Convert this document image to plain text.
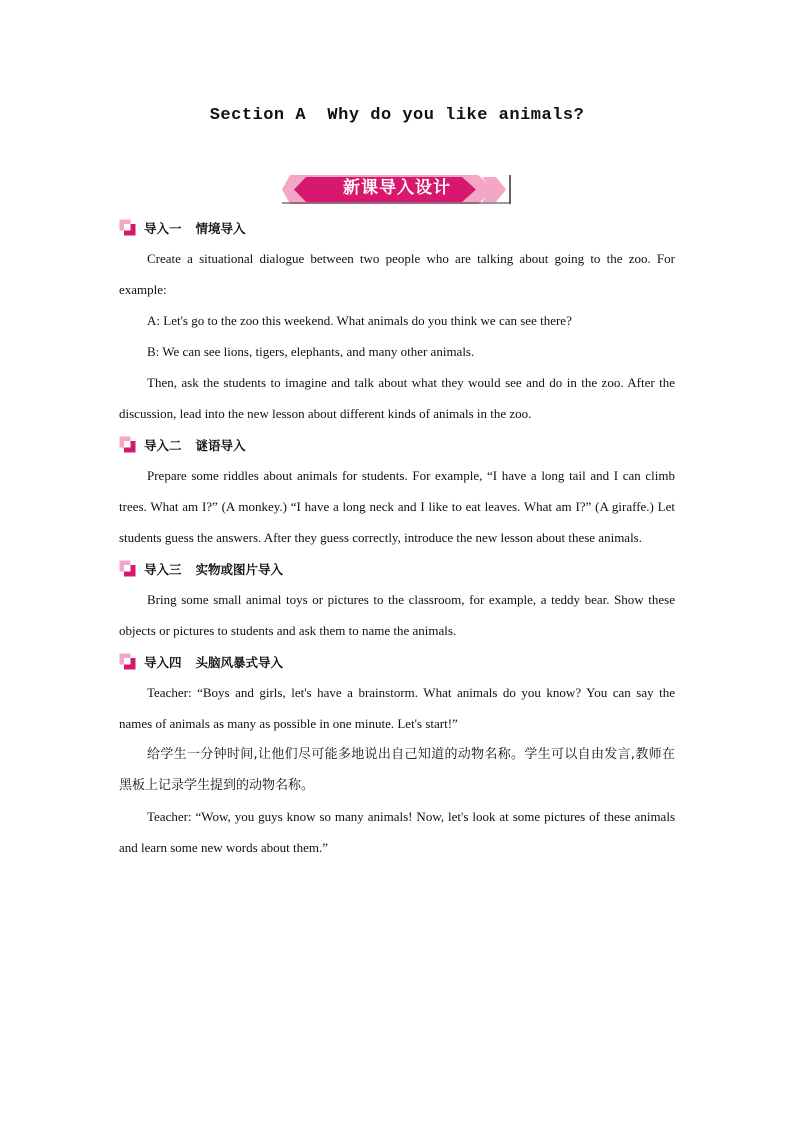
Section A  Why do you like animals?
新课导入设计
导入一 情境导入

Create a situational dialogue between two people who are talking about going to the zoo. For example:

A: Let's go to the zoo this weekend. What animals do you think we can see there?

B: We can see lions, tigers, elephants, and many other animals.

Then, ask the students to imagine and talk about what they would see and do in the zoo. After the discussion, lead into the new lesson about different kinds of animals in the zoo.

导入二 谜语导入

Prepare some riddles about animals for students. For example, “I have a long tail and I can climb trees. What am I?” (A monkey.) “I have a long neck and I like to eat leaves. What am I?” (A giraffe.) Let students guess the answers. After they guess correctly, introduce the new lesson about these animals.

导入三 实物或图片导入

Bring some small animal toys or pictures to the classroom, for example, a teddy bear. Show these objects or pictures to students and ask them to name the animals.

导入四 头脑风暴式导入

Teacher: “Boys and girls, let's have a brainstorm. What animals do you know? You can say the names of animals as many as possible in one minute. Let's start!”

给学生一分钟时间,让他们尽可能多地说出自己知道的动物名称。学生可以自由发言,教师在黑板上记录学生提到的动物名称。

Teacher: “Wow, you guys know so many animals! Now, let's look at some pictures of these animals and learn some new words about them.”
